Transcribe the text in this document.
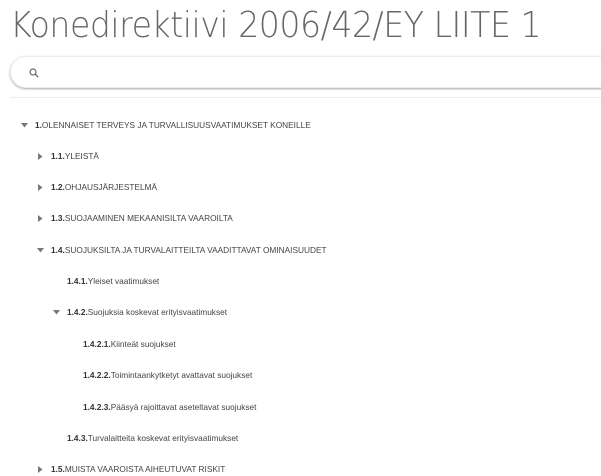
Konedirektiivi 2006/42/EY LIITE 1
1. OLENNAISET TERVEYS JA TURVALLISUUSVAATIMUKSET KONEILLE
1.1. YLEISTÄ
1.2. OHJAUSJÄRJESTELMÄ
1.3. SUOJAAMINEN MEKAANISILTA VAAROILTA
1.4. SUOJUKSILTA JA TURVALAITTEILTA VAADITTAVAT OMINAISUUDET
1.4.1. Yleiset vaatimukset
1.4.2. Suojuksia koskevat erityisvaatimukset
1.4.2.1. Kiinteät suojukset
1.4.2.2. Toimintaankytketyt avattavat suojukset
1.4.2.3. Pääsyä rajoittavat aseteltavat suojukset
1.4.3. Turvalaitteita koskevat erityisvaatimukset
1.5. MUISTA VAAROISTA AIHEUTUVAT RISKIT
